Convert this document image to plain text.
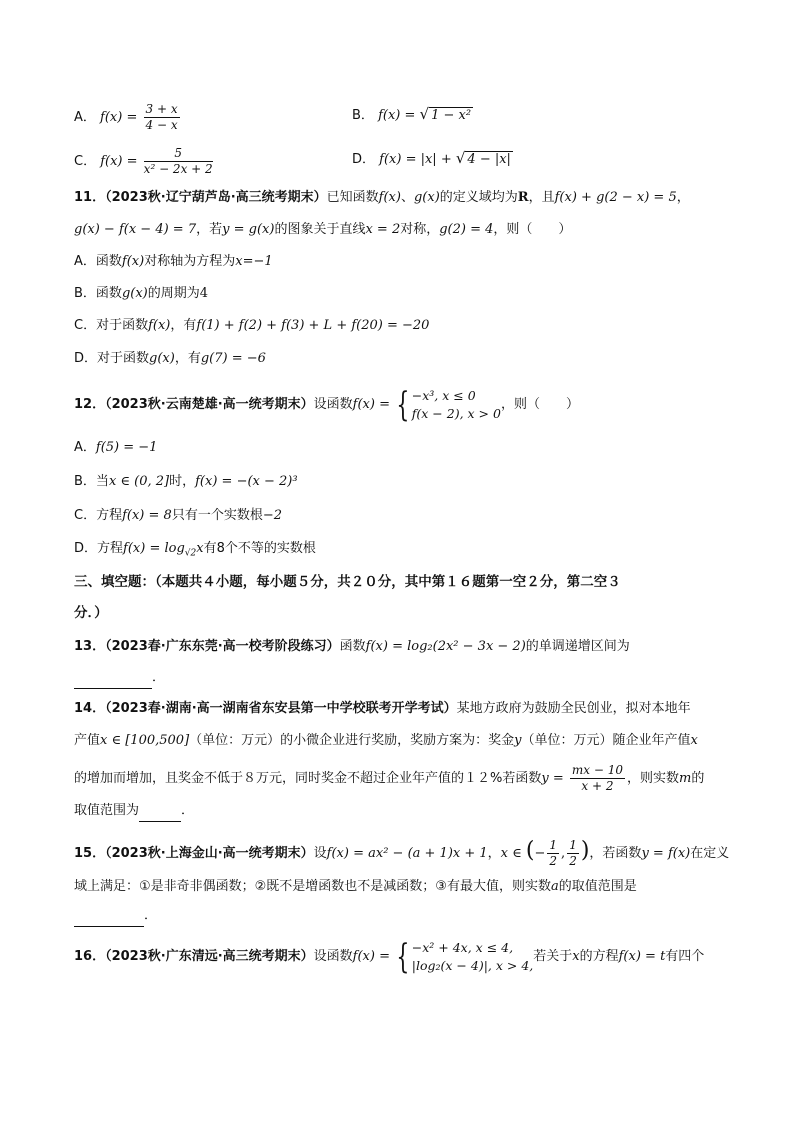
A． $f(x) = \frac{3 + x}{4 - x}$	B． f(x) = √ 1 − x²
C． $f(x) = \frac{5}{\text{x² − 2x + 2}}$	D． f(x) = |x| + √ 4 − |x|
11．（2023秋·辽宁葫芦岛·高三统考期末）已知函数f(x)、g(x)的定义域均为R，且f(x) + g(2 − x) = 5，
g(x) − f(x − 4) = 7，若y = g(x)的图象关于直线x = 2对称，g(2) = 4，则（　　）
A．函数f(x)对称轴为方程为x=−1
B．函数g(x)的周期为4
C．对于函数f(x)，有f(1) + f(2) + f(3) + L + f(20) = −20
D．对于函数g(x)，有g(7) = −6
12．（2023秋·云南楚雄·高一统考期末）设函数f(x) = { −x³, x ≤ 0
f(x − 2), x > 0
，则（　　）
A．f(5) = −1
B．当x ∈ (0, 2]时，f(x) = −(x − 2)³
C．方程f(x) = 8只有一个实数根−2
D．方程$f(x) = \log_{√2}x$有8个不等的实数根
三、填空题：（本题共４小题，每小题５分，共２０分，其中第１６题第一空２分，第二空３
分．）
13．（2023春·广东东莞·高一校考阶段练习）函数f(x) = log₂(2x² − 3x − 2)的单调递增区间为
．
14．（2023春·湖南·高一湖南省东安县第一中学校联考开学考试）某地方政府为鼓励全民创业，拟对本地年
产值x ∈ [100,500]（单位：万元）的小微企业进行奖励，奖励方案为：奖金y（单位：万元）随企业年产值x
的增加而增加，且奖金不低于８万元，同时奖金不超过企业年产值的１２%若函数$y = \frac{mx - 10}{x + 2}$ ，则实数m的
取值范围为	．
15．（2023秋·上海金山·高一统考期末）设f(x) = ax² − (a + 1)x + 1，x ∈ (− $\frac{1}{2}$ , $\frac{1}{2}$ )，若函数y = f(x)在定义
域上满足：①是非奇非偶函数；②既不是增函数也不是减函数；③有最大值，则实数a的取值范围是
．
16．（2023秋·广东清远·高三统考期末）设函数f(x) = { −x² + 4x, x ≤ 4,
|log₂(x − 4)|, x > 4,
若关于x的方程f(x) = t有四个
